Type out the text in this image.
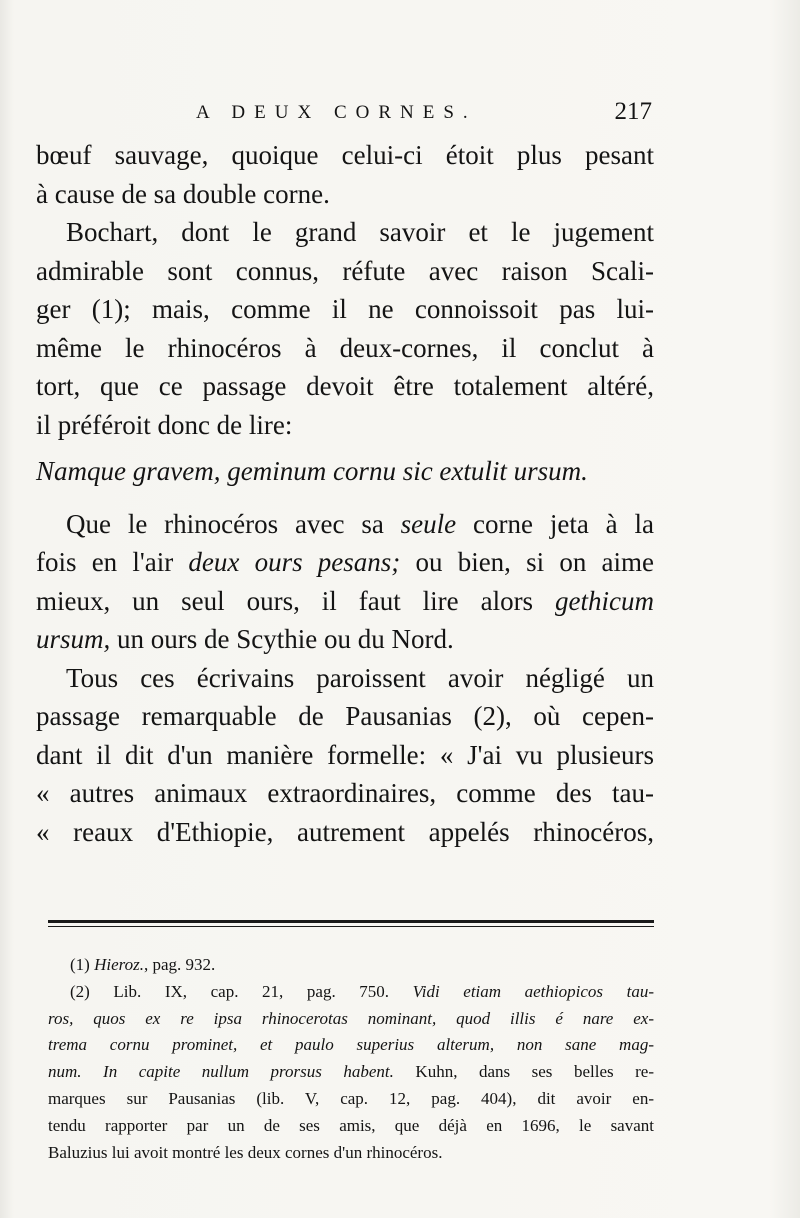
A DEUX CORNES.	217
bœuf sauvage, quoique celui-ci étoit plus pesant
à cause de sa double corne.
Bochart, dont le grand savoir et le jugement
admirable sont connus, réfute avec raison Scali-
ger (1); mais, comme il ne connoissoit pas lui-
même le rhinocéros à deux-cornes, il conclut à
tort, que ce passage devoit être totalement altéré,
il préféroit donc de lire:
Namque gravem, geminum cornu sic extulit ursum.
Que le rhinocéros avec sa seule corne jeta à la
fois en l'air deux ours pesans; ou bien, si on aime
mieux, un seul ours, il faut lire alors gethicum
ursum, un ours de Scythie ou du Nord.
Tous ces écrivains paroissent avoir négligé un
passage remarquable de Pausanias (2), où cepen-
dant il dit d'un manière formelle: « J'ai vu plusieurs
« autres animaux extraordinaires, comme des tau-
« reaux d'Ethiopie, autrement appelés rhinocéros,
(1) Hieroz., pag. 932.
(2) Lib. IX, cap. 21, pag. 750. Vidi etiam aethiopicos tau-
ros, quos ex re ipsa rhinocerotas nominant, quod illis é nare ex-
trema cornu prominet, et paulo superius alterum, non sane mag-
num. In capite nullum prorsus habent. Kuhn, dans ses belles re-
marques sur Pausanias (lib. V, cap. 12, pag. 404), dit avoir en-
tendu rapporter par un de ses amis, que déjà en 1696, le savant
Baluzius lui avoit montré les deux cornes d'un rhinocéros.
